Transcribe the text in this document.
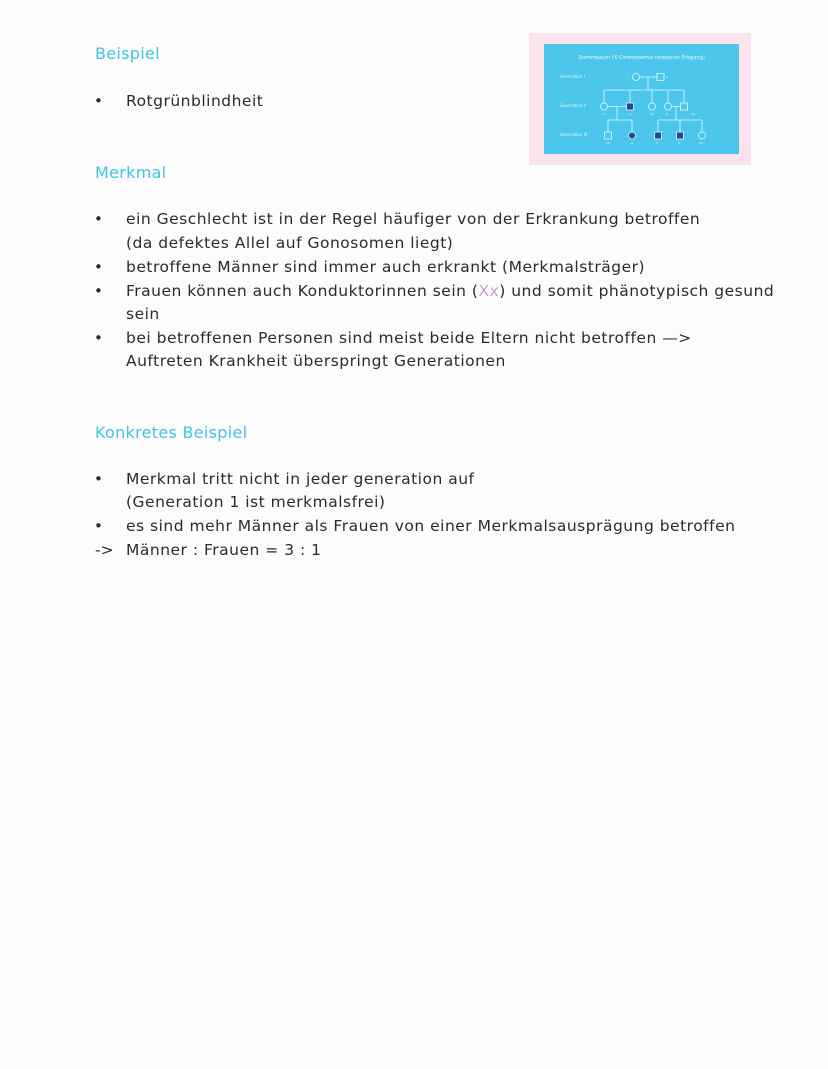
Beispiel
• Rotgrünblindheit
Stammbaum (X-Chromosomal rezessiver Erbgang)
Generation I
Generation II
Generation III
I	II
3	4	10	8	10
12	11	5	6	14
Merkmal
• ein Geschlecht ist in der Regel häufiger von der Erkrankung betroffen
(da defektes Allel auf Gonosomen liegt)
• betroffene Männer sind immer auch erkrankt (Merkmalsträger)
• Frauen können auch Konduktorinnen sein (Xx) und somit phänotypisch gesund
sein
• bei betroffenen Personen sind meist beide Eltern nicht betroffen —>
Auftreten Krankheit überspringt Generationen
Konkretes Beispiel
• Merkmal tritt nicht in jeder generation auf
(Generation 1 ist merkmalsfrei)
• es sind mehr Männer als Frauen von einer Merkmalsausprägung betroffen
-> Männer : Frauen = 3 : 1
